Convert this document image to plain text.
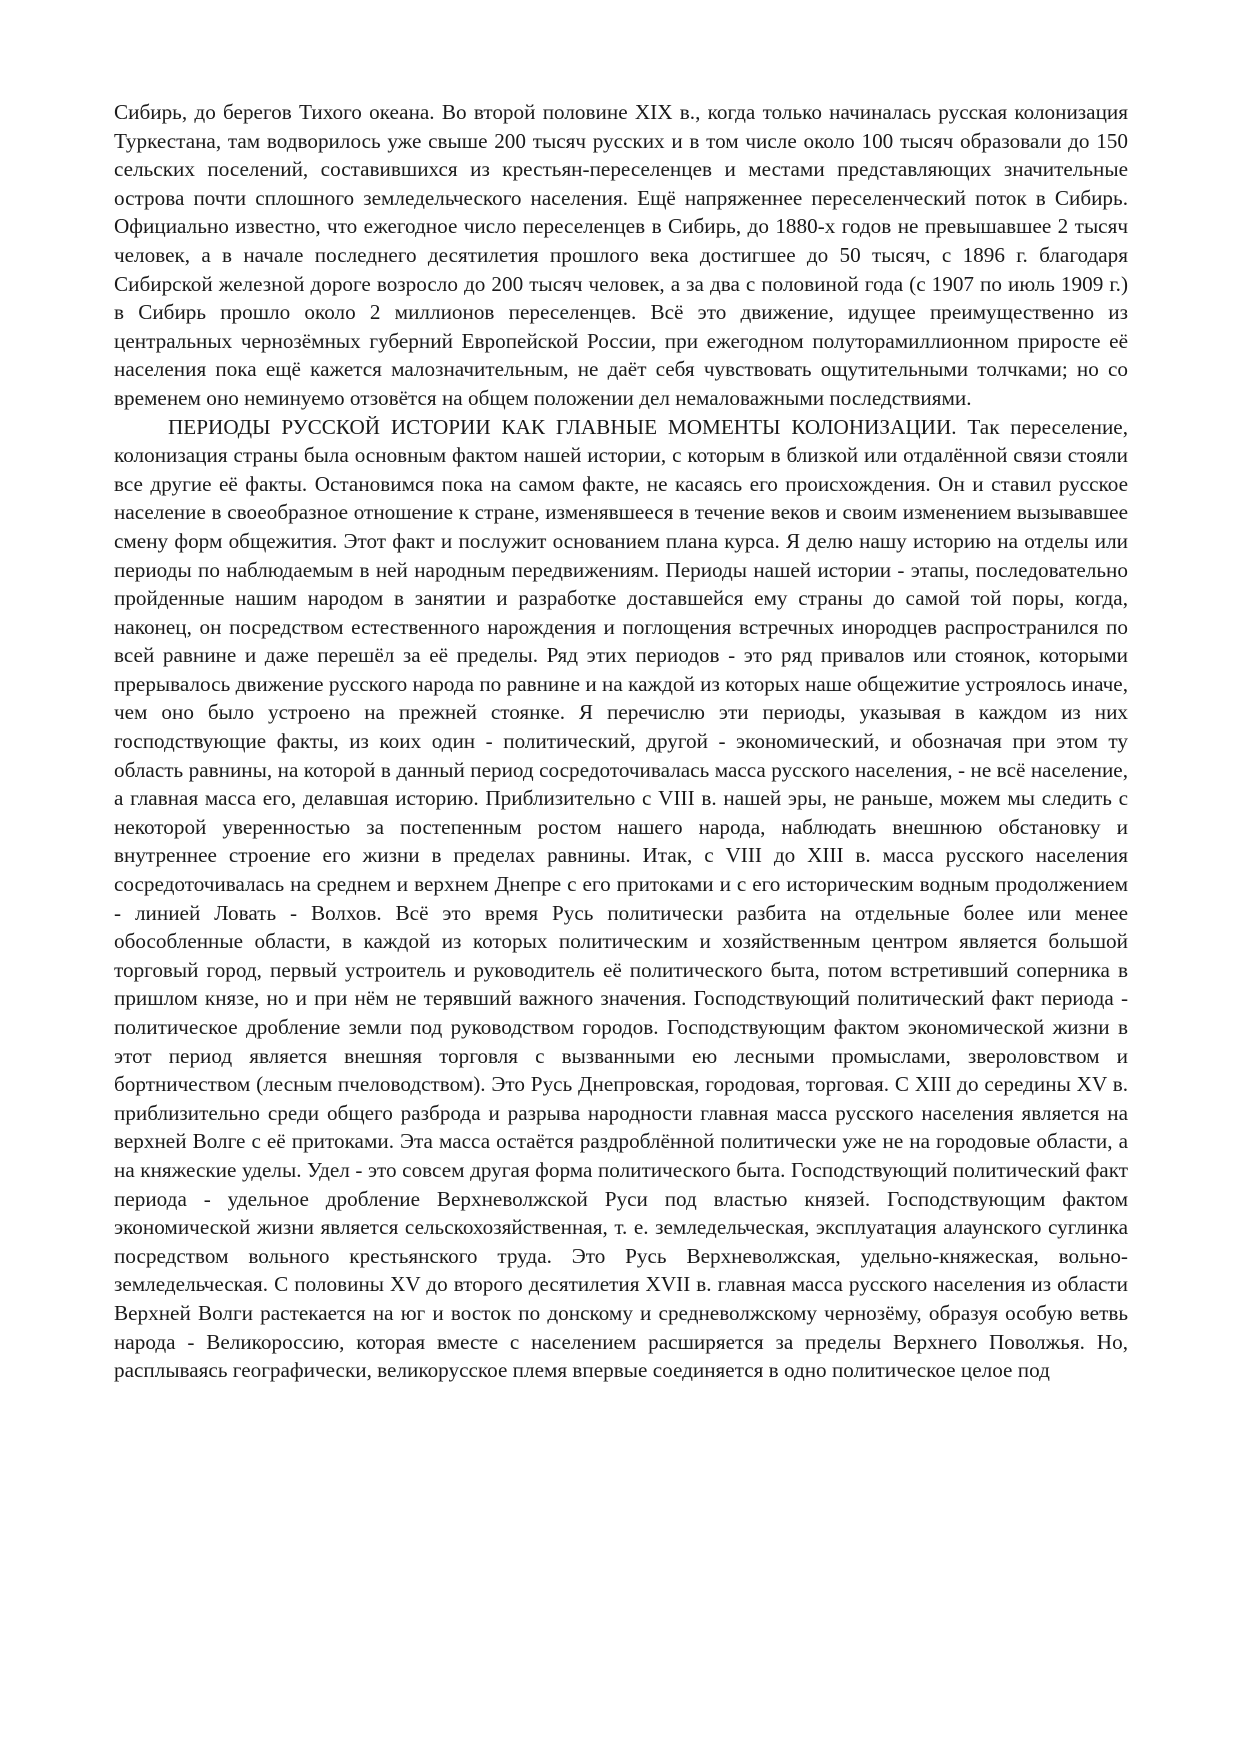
Сибирь, до берегов Тихого океана. Во второй половине XIX в., когда только начиналась русская колонизация Туркестана, там водворилось уже свыше 200 тысяч русских и в том числе около 100 тысяч образовали до 150 сельских поселений, составившихся из крестьян-переселенцев и местами представляющих значительные острова почти сплошного земледельческого населения. Ещё напряженнее переселенческий поток в Сибирь. Официально известно, что ежегодное число переселенцев в Сибирь, до 1880-х годов не превышавшее 2 тысяч человек, а в начале последнего десятилетия прошлого века достигшее до 50 тысяч, с 1896 г. благодаря Сибирской железной дороге возросло до 200 тысяч человек, а за два с половиной года (с 1907 по июль 1909 г.) в Сибирь прошло около 2 миллионов переселенцев. Всё это движение, идущее преимущественно из центральных чернозёмных губерний Европейской России, при ежегодном полуторамиллионном приросте её населения пока ещё кажется малозначительным, не даёт себя чувствовать ощутительными толчками; но со временем оно неминуемо отзовётся на общем положении дел немаловажными последствиями.

ПЕРИОДЫ РУССКОЙ ИСТОРИИ КАК ГЛАВНЫЕ МОМЕНТЫ КОЛОНИЗАЦИИ. Так переселение, колонизация страны была основным фактом нашей истории, с которым в близкой или отдалённой связи стояли все другие её факты. Остановимся пока на самом факте, не касаясь его происхождения. Он и ставил русское население в своеобразное отношение к стране, изменявшееся в течение веков и своим изменением вызывавшее смену форм общежития. Этот факт и послужит основанием плана курса. Я делю нашу историю на отделы или периоды по наблюдаемым в ней народным передвижениям. Периоды нашей истории - этапы, последовательно пройденные нашим народом в занятии и разработке доставшейся ему страны до самой той поры, когда, наконец, он посредством естественного нарождения и поглощения встречных инородцев распространился по всей равнине и даже перешёл за её пределы. Ряд этих периодов - это ряд привалов или стоянок, которыми прерывалось движение русского народа по равнине и на каждой из которых наше общежитие устроялось иначе, чем оно было устроено на прежней стоянке. Я перечислю эти периоды, указывая в каждом из них господствующие факты, из коих один - политический, другой - экономический, и обозначая при этом ту область равнины, на которой в данный период сосредоточивалась масса русского населения, - не всё население, а главная масса его, делавшая историю. Приблизительно с VIII в. нашей эры, не раньше, можем мы следить с некоторой уверенностью за постепенным ростом нашего народа, наблюдать внешнюю обстановку и внутреннее строение его жизни в пределах равнины. Итак, с VIII до XIII в. масса русского населения сосредоточивалась на среднем и верхнем Днепре с его притоками и с его историческим водным продолжением - линией Ловать - Волхов. Всё это время Русь политически разбита на отдельные более или менее обособленные области, в каждой из которых политическим и хозяйственным центром является большой торговый город, первый устроитель и руководитель её политического быта, потом встретивший соперника в пришлом князе, но и при нём не терявший важного значения. Господствующий политический факт периода - политическое дробление земли под руководством городов. Господствующим фактом экономической жизни в этот период является внешняя торговля с вызванными ею лесными промыслами, звероловством и бортничеством (лесным пчеловодством). Это Русь Днепровская, городовая, торговая. С XIII до середины XV в. приблизительно среди общего разброда и разрыва народности главная масса русского населения является на верхней Волге с её притоками. Эта масса остаётся раздроблённой политически уже не на городовые области, а на княжеские уделы. Удел - это совсем другая форма политического быта. Господствующий политический факт периода - удельное дробление Верхневолжской Руси под властью князей. Господствующим фактом экономической жизни является сельскохозяйственная, т. е. земледельческая, эксплуатация алаунского суглинка посредством вольного крестьянского труда. Это Русь Верхневолжская, удельно-княжеская, вольно-земледельческая. С половины XV до второго десятилетия XVII в. главная масса русского населения из области Верхней Волги растекается на юг и восток по донскому и средневолжскому чернозёму, образуя особую ветвь народа - Великороссию, которая вместе с населением расширяется за пределы Верхнего Поволжья. Но, расплываясь географически, великорусское племя впервые соединяется в одно политическое целое под
